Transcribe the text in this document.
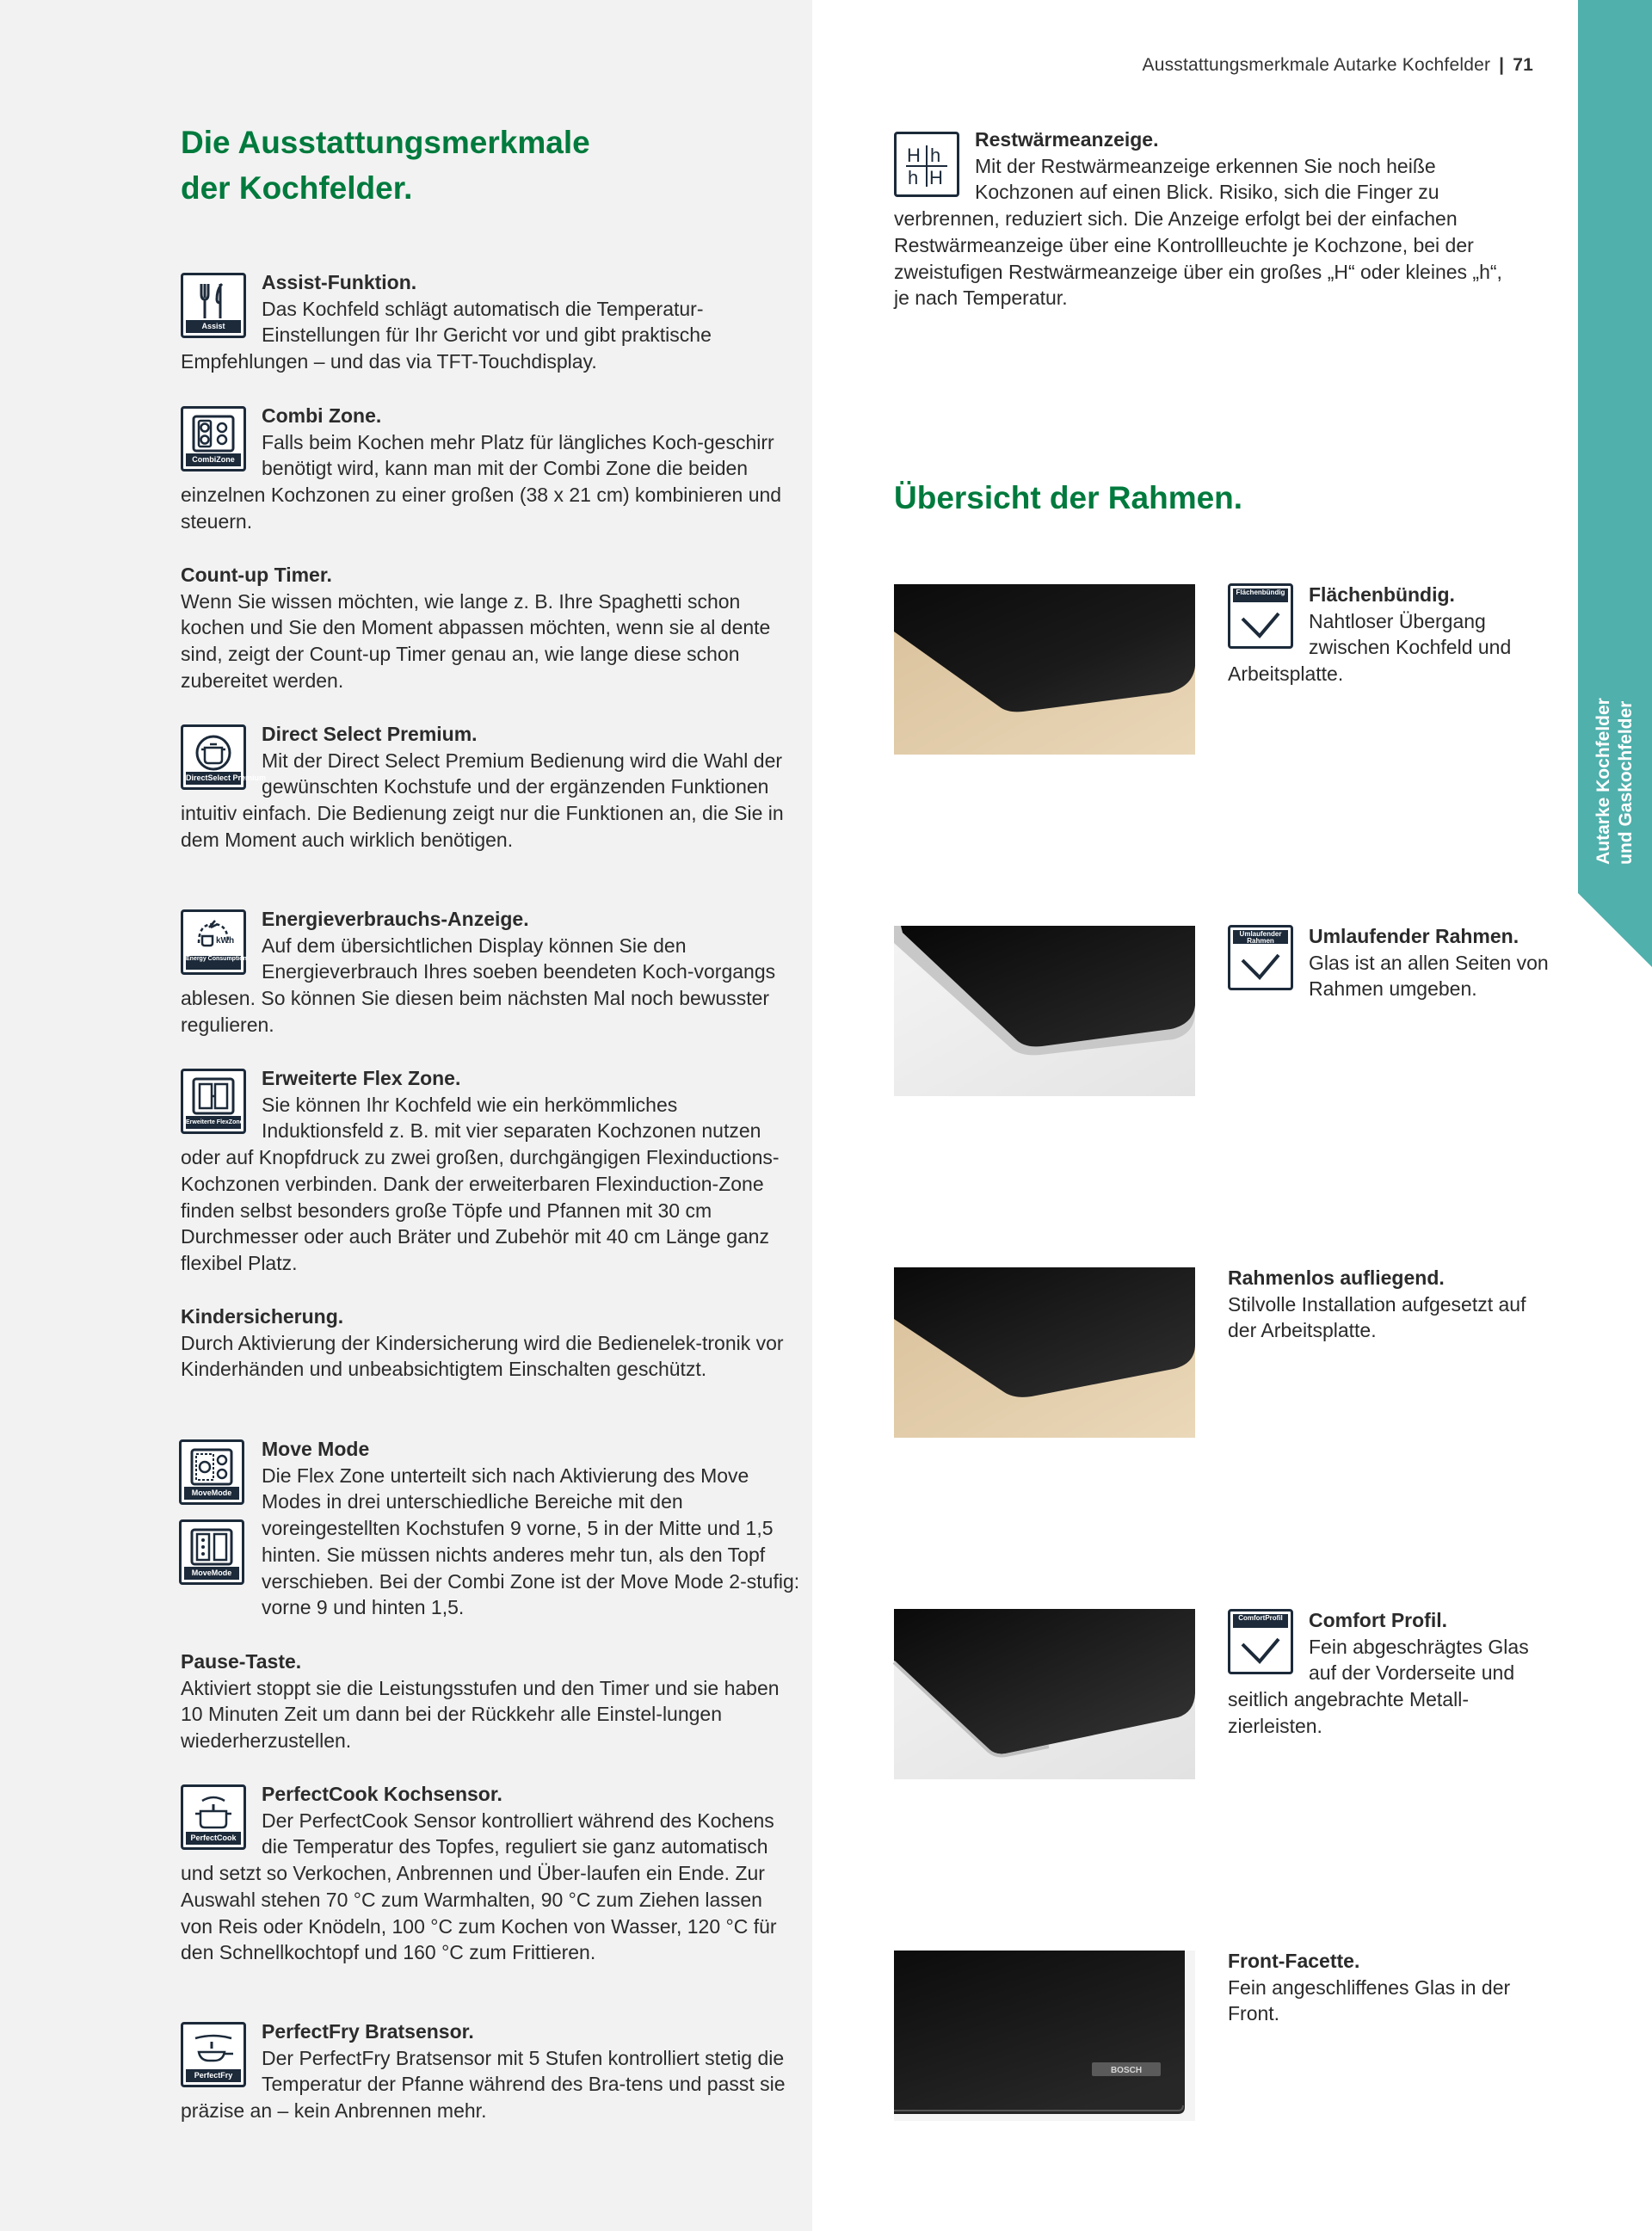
Ausstattungsmerkmale Autarke Kochfelder | 71
Autarke Kochfelder und Gaskochfelder
Die Ausstattungsmerkmale
der Kochfelder.
Assist
Assist-Funktion.
Das Kochfeld schlägt automatisch die Temperatur-Einstellungen für Ihr Gericht vor und gibt praktische Empfehlungen – und das via TFT-Touchdisplay.
CombiZone
Combi Zone.
Falls beim Kochen mehr Platz für längliches Koch-geschirr benötigt wird, kann man mit der Combi Zone die beiden einzelnen Kochzonen zu einer großen (38 x 21 cm) kombinieren und steuern.
Count-up Timer.
Wenn Sie wissen möchten, wie lange z. B. Ihre Spaghetti schon kochen und Sie den Moment abpassen möchten, wenn sie al dente sind, zeigt der Count-up Timer genau an, wie lange diese schon zubereitet werden.
DirectSelect Premium
Direct Select Premium.
Mit der Direct Select Premium Bedienung wird die Wahl der gewünschten Kochstufe und der ergänzenden Funktionen intuitiv einfach. Die Bedienung zeigt nur die Funktionen an, die Sie in dem Moment auch wirklich benötigen.
kWh
Energy Consumption
Energieverbrauchs-Anzeige.
Auf dem übersichtlichen Display können Sie den Energieverbrauch Ihres soeben beendeten Koch-vorgangs ablesen. So können Sie diesen beim nächsten Mal noch bewusster regulieren.
Erweiterte FlexZone
Erweiterte Flex Zone.
Sie können Ihr Kochfeld wie ein herkömmliches Induktionsfeld z. B. mit vier separaten Kochzonen nutzen oder auf Knopfdruck zu zwei großen, durchgängigen Flexinductions-Kochzonen verbinden. Dank der erweiterbaren Flexinduction-Zone finden selbst besonders große Töpfe und Pfannen mit 30 cm Durchmesser oder auch Bräter und Zubehör mit 40 cm Länge ganz flexibel Platz.
Kindersicherung.
Durch Aktivierung der Kindersicherung wird die Bedienelek-tronik vor Kinderhänden und unbeabsichtigtem Einschalten geschützt.
Move Mode
Die Flex Zone unterteilt sich nach Aktivierung des Move Modes in drei unterschiedliche Bereiche mit den voreingestellten Kochstufen 9 vorne, 5 in der Mitte und 1,5 hinten. Sie müssen nichts anderes mehr tun, als den Topf verschieben. Bei der Combi Zone ist der Move Mode 2-stufig: vorne 9 und hinten 1,5.
MoveMode
MoveMode
Pause-Taste.
Aktiviert stoppt sie die Leistungsstufen und den Timer und sie haben 10 Minuten Zeit um dann bei der Rückkehr alle Einstel-lungen wiederherzustellen.
PerfectCook
PerfectCook Kochsensor.
Der PerfectCook Sensor kontrolliert während des Kochens die Temperatur des Topfes, reguliert sie ganz automatisch und setzt so Verkochen, Anbrennen und Über-laufen ein Ende. Zur Auswahl stehen 70 °C zum Warmhalten, 90 °C zum Ziehen lassen von Reis oder Knödeln, 100 °C zum Kochen von Wasser, 120 °C für den Schnellkochtopf und 160 °C zum Frittieren.
PerfectFry
PerfectFry Bratsensor.
Der PerfectFry Bratsensor mit 5 Stufen kontrolliert stetig die Temperatur der Pfanne während des Bra-tens und passt sie präzise an – kein Anbrennen mehr.
H h
h H
Restwärmeanzeige.
Mit der Restwärmeanzeige erkennen Sie noch heiße Kochzonen auf einen Blick. Risiko, sich die Finger zu verbrennen, reduziert sich. Die Anzeige erfolgt bei der einfachen Restwärmeanzeige über eine Kontrollleuchte je Kochzone, bei der zweistufigen Restwärmeanzeige über ein großes „H“ oder kleines „h“, je nach Temperatur.
Übersicht der Rahmen.
Flächenbündig	Flächenbündig.
Nahtloser Übergang zwischen Kochfeld und Arbeitsplatte.
Umlaufender Rahmen	Umlaufender Rahmen.
Glas ist an allen Seiten von Rahmen umgeben.
Rahmenlos aufliegend.
Stilvolle Installation aufgesetzt auf der Arbeitsplatte.
ComfortProfil	Comfort Profil.
Fein abgeschrägtes Glas auf der Vorderseite und seitlich angebrachte Metall-zierleisten.
BOSCH
Front-Facette.
Fein angeschliffenes Glas in der Front.
